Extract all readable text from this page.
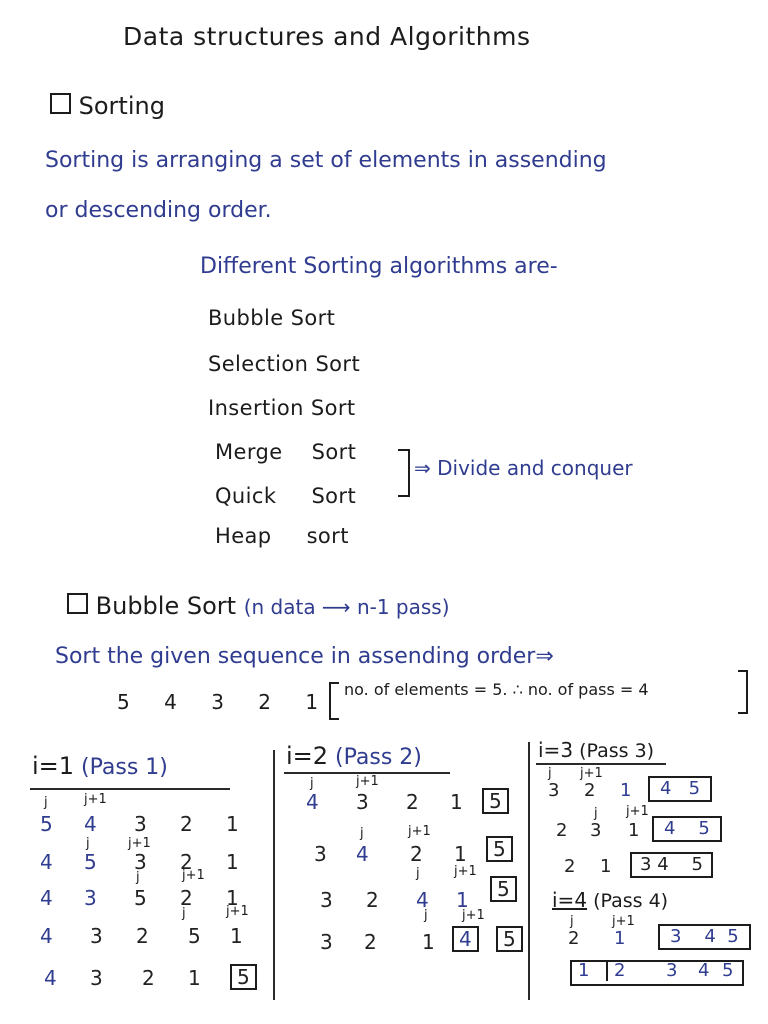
Data structures and Algorithms
Sorting
Sorting is arranging a set of elements in assending
or descending order.
Different Sorting algorithms are-
Bubble Sort
Selection Sort
Insertion Sort
Merge Sort
Quick Sort
Heap sort
⇒ Divide and conquer
Bubble Sort (n data ⟶ n-1 pass)
Sort the given sequence in assending order⇒
5 4 3 2 1
no. of elements = 5. ∴ no. of pass = 4
i=1 (Pass 1)
j	j+1
5 4 3 2 1
j	j+1
4 5 3 2 1
j	j+1
4 3 5 2 1
j	j+1
4 3 2 5 1
4 3 2 1	5
i=2 (Pass 2)
j	j+1
4 3 2 1	5
j	j+1
3 4 2 1	5
j	j+1
3 2 4 1	5
j	j+1
3 2 1	4	5
i=3 (Pass 3)
j j+1
3 2 1	4 5
j j+1
2 3 1	4 5
2 1	3 4 5
i=4 (Pass 4)
j	j+1
2 1	3 4 5
1	2 3 4 5
